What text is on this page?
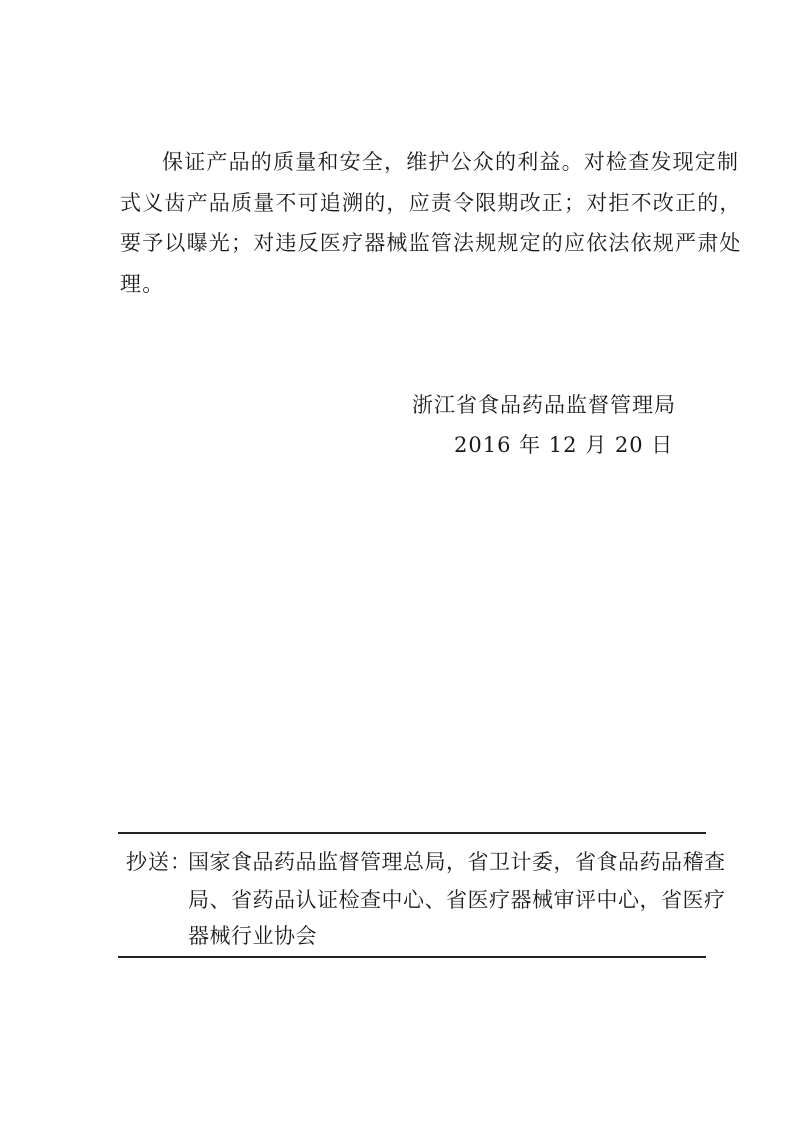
保证产品的质量和安全，维护公众的利益。对检查发现定制
式义齿产品质量不可追溯的，应责令限期改正；对拒不改正的，
要予以曝光；对违反医疗器械监管法规规定的应依法依规严肃处
理。
浙江省食品药品监督管理局
2016 年 12 月 20 日
抄送：
国家食品药品监督管理总局，省卫计委，省食品药品稽查
局、省药品认证检查中心、省医疗器械审评中心，省医疗
器械行业协会
